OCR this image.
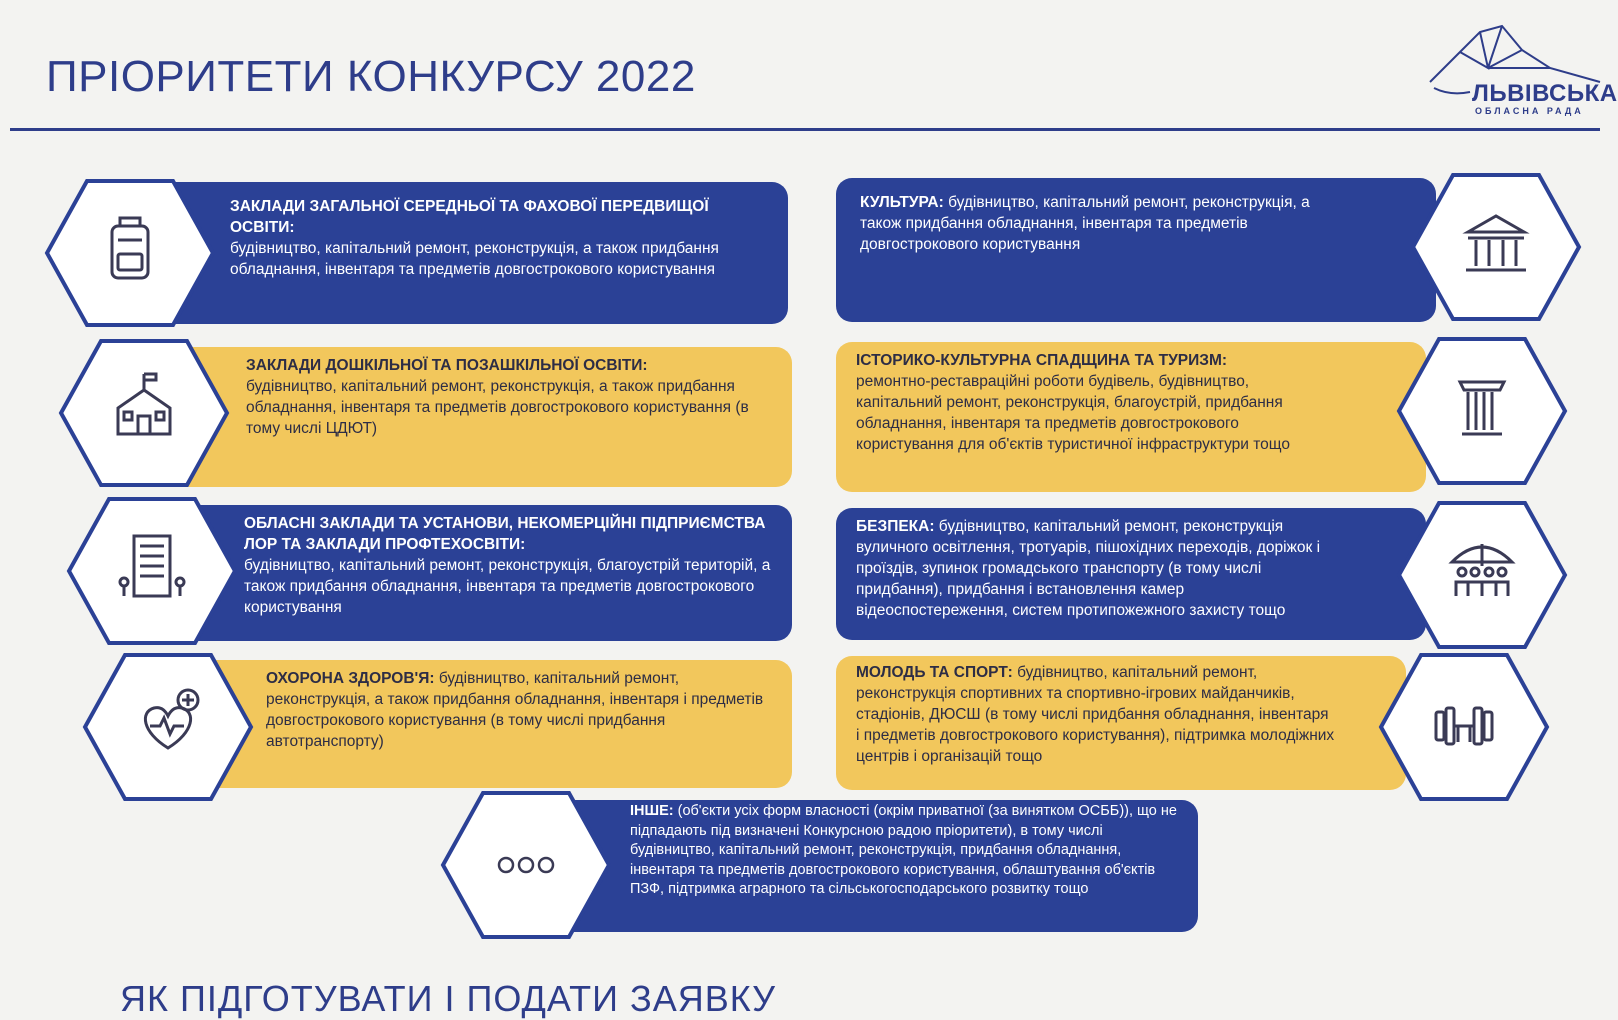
ПРІОРИТЕТИ КОНКУРСУ 2022	ЛЬВІВСЬКА
ОБЛАСНА РАДА

ЗАКЛАДИ ЗАГАЛЬНОЇ СЕРЕДНЬОЇ ТА ФАХОВОЇ ПЕРЕДВИЩОЇ ОСВІТИ:

будівництво, капітальний ремонт, реконструкція, а також придбання обладнання, інвентаря та предметів довгострокового користування

ЗАКЛАДИ ДОШКІЛЬНОЇ ТА ПОЗАШКІЛЬНОЇ ОСВІТИ:

будівництво, капітальний ремонт, реконструкція, а також придбання обладнання, інвентаря та предметів довгострокового користування (в тому числі ЦДЮТ)

ОБЛАСНІ ЗАКЛАДИ ТА УСТАНОВИ, НЕКОМЕРЦІЙНІ ПІДПРИЄМСТВА ЛОР ТА ЗАКЛАДИ ПРОФТЕХОСВІТИ:

будівництво, капітальний ремонт, реконструкція, благоустрій територій, а також придбання обладнання, інвентаря та предметів довгострокового користування

ОХОРОНА ЗДОРОВ'Я: будівництво, капітальний ремонт, реконструкція, а також придбання обладнання, інвентаря і предметів довгострокового користування (в тому числі придбання автотранспорту)

КУЛЬТУРА: будівництво, капітальний ремонт, реконструкція, а також придбання обладнання, інвентаря та предметів довгострокового користування

ІСТОРИКО-КУЛЬТУРНА СПАДЩИНА ТА ТУРИЗМ:

ремонтно-реставраційні роботи будівель, будівництво, капітальний ремонт, реконструкція, благоустрій, придбання обладнання, інвентаря та предметів довгострокового користування для об'єктів туристичної інфраструктури тощо

БЕЗПЕКА: будівництво, капітальний ремонт, реконструкція вуличного освітлення, тротуарів, пішохідних переходів, доріжок і проїздів, зупинок громадського транспорту (в тому числі придбання), придбання і встановлення камер відеоспостереження, систем протипожежного захисту тощо

МОЛОДЬ ТА СПОРТ: будівництво, капітальний ремонт, реконструкція спортивних та спортивно-ігрових майданчиків, стадіонів, ДЮСШ (в тому числі придбання обладнання, інвентаря і предметів довгострокового користування), підтримка молодіжних центрів і організацій тощо

ІНШЕ: (об'єкти усіх форм власності (окрім приватної (за винятком ОСББ)), що не підпадають під визначені Конкурсною радою пріоритети), в тому числі будівництво, капітальний ремонт, реконструкція, придбання обладнання, інвентаря та предметів довгострокового користування, облаштування об'єктів ПЗФ, підтримка аграрного та сільськогосподарського розвитку тощо

ЯК ПІДГОТУВАТИ І ПОДАТИ ЗАЯВКУ
